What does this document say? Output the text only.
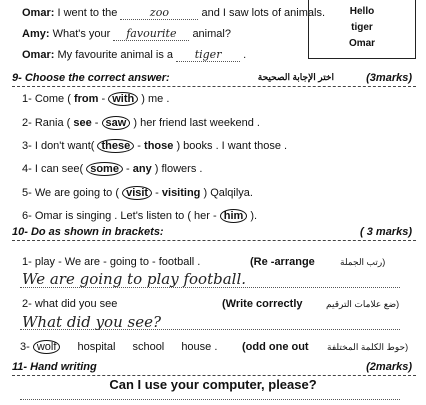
Omar: I went to the	zoo	and I saw lots of animals.
Amy: What's your favourite animal?
Omar: My favourite animal is a tiger .
Hello
tiger
Omar
9- Choose the correct answer:	اختر الإجابة الصحيحة	(3marks)
1- Come ( from - with ) me .
2- Rania ( see - saw ) her friend last weekend .
3- I don't want( these - those ) books . I want those .
4- I can see( some - any ) flowers .
5- We are going to ( visit - visiting ) Qalqilya.
6- Omar is singing . Let's listen to ( her - him ).
10- Do as shown in brackets:	( 3 marks)
1- play - We are - going to - football .	(Re -arrange	رتب الجملة)
We are going to play football.
2- what did you see	(Write correctly	ضع علامات الترقيم)
What did you see?
3- wolf hospital school house . (odd one out حوط الكلمة المختلفة)
11- Hand writing	(2marks)
Can I use your computer, please?
